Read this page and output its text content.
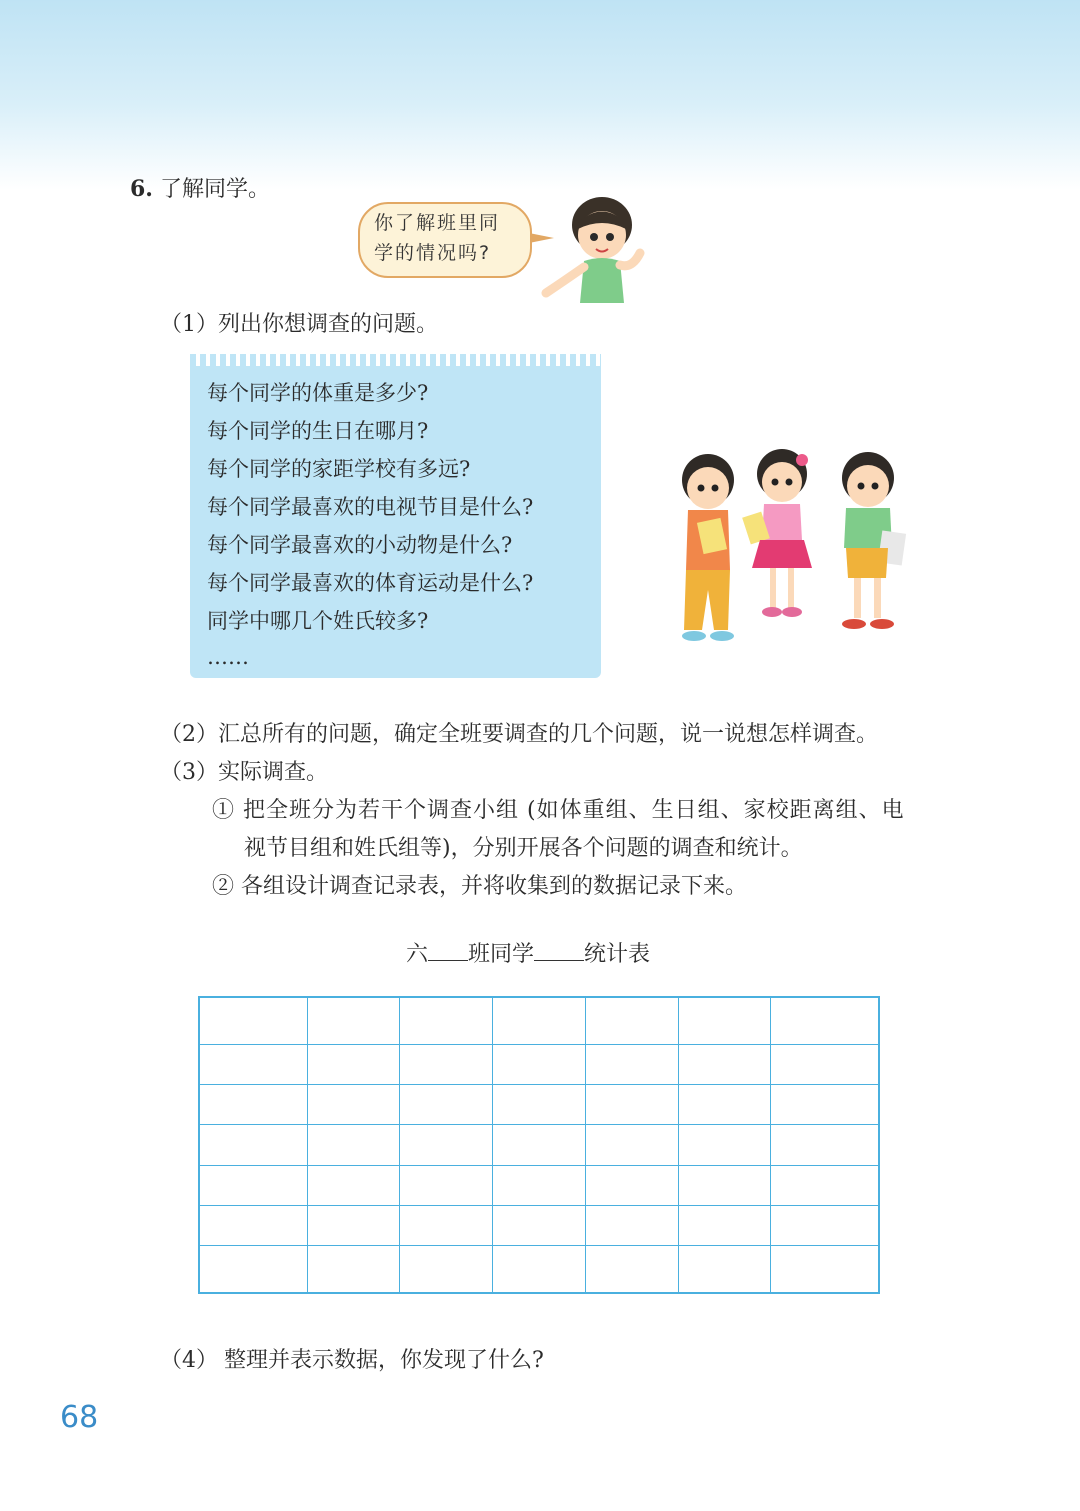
6. 了解同学。
你了解班里同
学的情况吗?
（1）列出你想调查的问题。
每个同学的体重是多少?
每个同学的生日在哪月?
每个同学的家距学校有多远?
每个同学最喜欢的电视节目是什么?
每个同学最喜欢的小动物是什么?
每个同学最喜欢的体育运动是什么?
同学中哪几个姓氏较多?
……
（2）汇总所有的问题，确定全班要调查的几个问题，说一说想怎样调查。
（3）实际调查。
① 把全班分为若干个调查小组 (如体重组、生日组、家校距离组、电
视节目组和姓氏组等)，分别开展各个问题的调查和统计。
② 各组设计调查记录表，并将收集到的数据记录下来。
六 班同学 统计表

（4） 整理并表示数据，你发现了什么?
68
